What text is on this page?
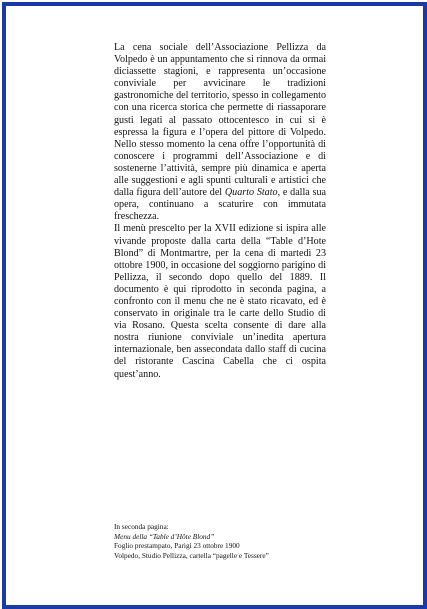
La cena sociale dell’Associazione Pellizza da Volpedo è un appuntamento che si rinnova da ormai diciassette stagioni, e rappresenta un’occasione conviviale per avvicinare le tradizioni gastronomiche del territorio, spesso in collegamento con una ricerca storica che permette di riassaporare gusti legati al passato ottocentesco in cui si è espressa la figura e l’opera del pittore di Volpedo. Nello stesso momento la cena offre l’opportunità di conoscere i programmi dell’Associazione e di sostenerne l’attività, sempre più dinamica e aperta alle suggestioni e agli spunti culturali e artistici che dalla figura dell’autore del Quarto Stato, e dalla sua opera, continuano a scaturire con immutata freschezza.

Il menù prescelto per la XVII edizione si ispira alle vivande proposte dalla carta della “Table d’Hote Blond” di Montmartre, per la cena di martedì 23 ottobre 1900, in occasione del soggiorno parigino di Pellizza, il secondo dopo quello del 1889. Il documento è qui riprodotto in seconda pagina, a confronto con il menu che ne è stato ricavato, ed è conservato in originale tra le carte dello Studio di via Rosano. Questa scelta consente di dare alla nostra riunione conviviale un’inedita apertura internazionale, ben assecondata dallo staff di cucina del ristorante Cascina Cabella che ci ospita quest’anno.

In seconda pagina:
Menu della “Table d’Hôte Blond”
Foglio prestampato, Parigi 23 ottobre 1900
Volpedo, Studio Pellizza, cartella “pagelle e Tessere”
